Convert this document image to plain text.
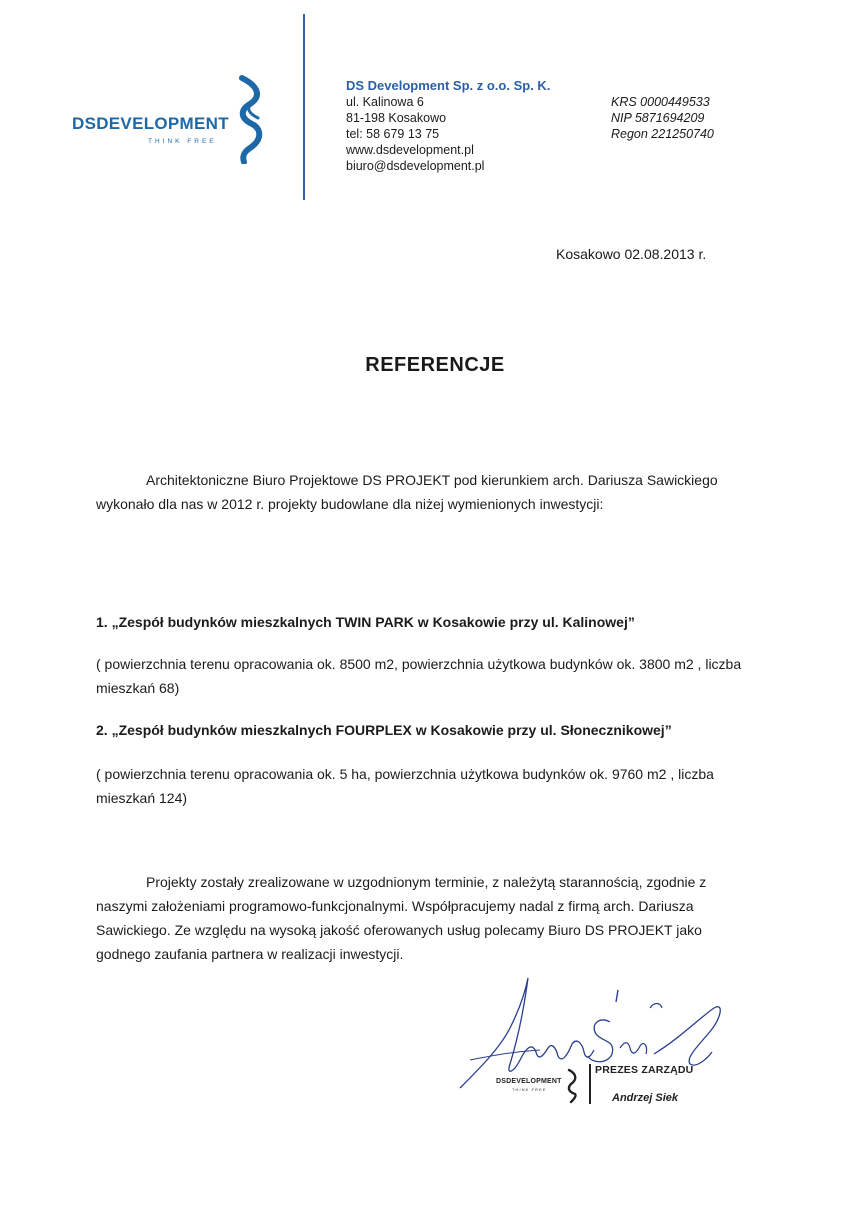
DSDEVELOPMENT
THINK FREE
DS Development Sp. z o.o. Sp. K.
ul. Kalinowa 6
81-198 Kosakowo
tel: 58 679 13 75
www.dsdevelopment.pl
biuro@dsdevelopment.pl
KRS 0000449533
NIP 5871694209
Regon 221250740
Kosakowo 02.08.2013 r.
REFERENCJE
Architektoniczne Biuro Projektowe DS PROJEKT pod kierunkiem arch. Dariusza Sawickiego wykonało dla nas w 2012 r. projekty budowlane dla niżej wymienionych inwestycji:
1. „Zespół budynków mieszkalnych TWIN PARK w Kosakowie przy ul. Kalinowej”
( powierzchnia terenu opracowania ok. 8500 m2, powierzchnia użytkowa budynków ok. 3800 m2 , liczba mieszkań 68)
2. „Zespół budynków mieszkalnych FOURPLEX w Kosakowie przy ul. Słonecznikowej”
( powierzchnia terenu opracowania ok. 5 ha, powierzchnia użytkowa budynków ok. 9760 m2 , liczba mieszkań 124)
Projekty zostały zrealizowane w uzgodnionym terminie, z należytą starannością, zgodnie z naszymi założeniami programowo-funkcjonalnymi. Współpracujemy nadal z firmą arch. Dariusza Sawickiego. Ze względu na wysoką jakość oferowanych usług polecamy Biuro DS PROJEKT jako godnego zaufania partnera w realizacji inwestycji.
DSDEVELOPMENT
THINK FREE
PREZES ZARZĄDU
Andrzej Siek
